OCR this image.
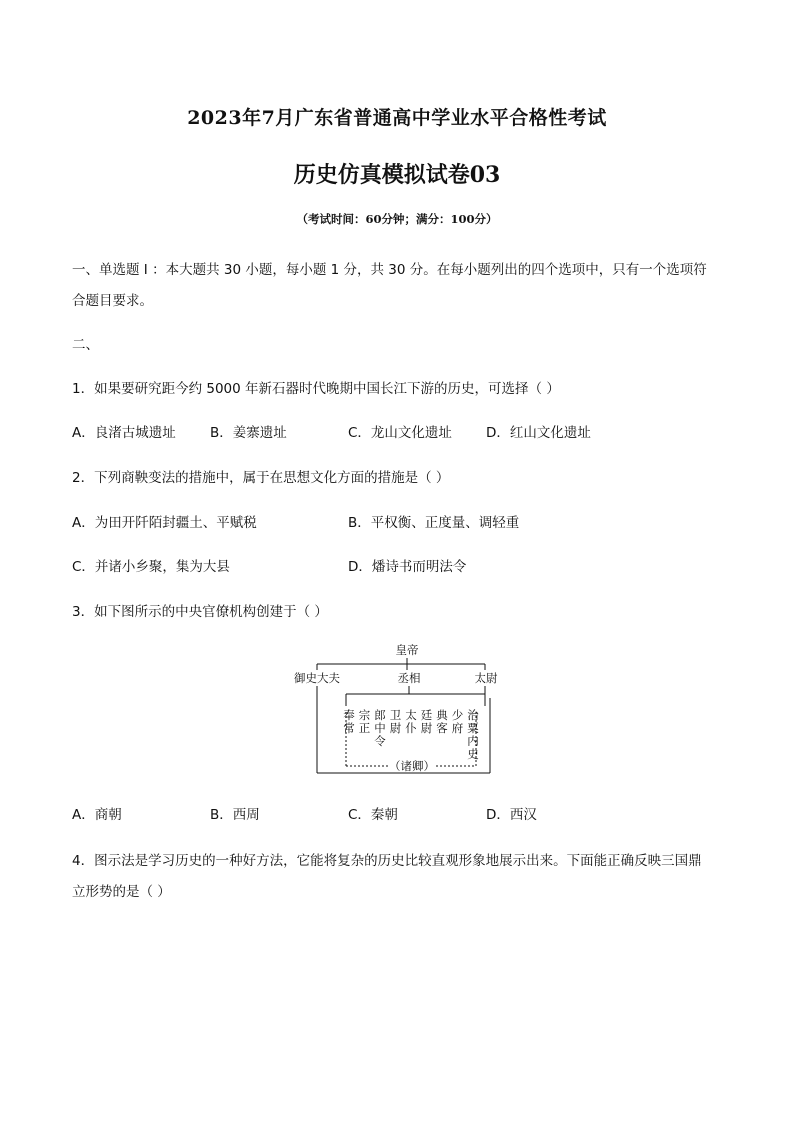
2023年7月广东省普通高中学业水平合格性考试
历史仿真模拟试卷03
（考试时间：60分钟；满分：100分）
一、单选题 I ：本大题共 30 小题，每小题 1 分，共 30 分。在每小题列出的四个选项中，只有一个选项符
合题目要求。
二、
1．如果要研究距今约 5000 年新石器时代晚期中国长江下游的历史，可选择（ ）
A．良渚古城遗址	B．姜寨遗址	C．龙山文化遗址	D．红山文化遗址
2．下列商鞅变法的措施中，属于在思想文化方面的措施是（ ）
A．为田开阡陌封疆土、平赋税	B．平权衡、正度量、调轻重
C．并诸小乡聚，集为大县	D．燔诗书而明法令
3．如下图所示的中央官僚机构创建于（ ）
皇帝
御史大夫	丞相	太尉
（诸卿）
奉常
宗正
郎中令
卫尉
太仆
廷尉
典客
少府
治粟内史
A．商朝	B．西周	C．秦朝	D．西汉
4．图示法是学习历史的一种好方法，它能将复杂的历史比较直观形象地展示出来。下面能正确反映三国鼎
立形势的是（ ）
